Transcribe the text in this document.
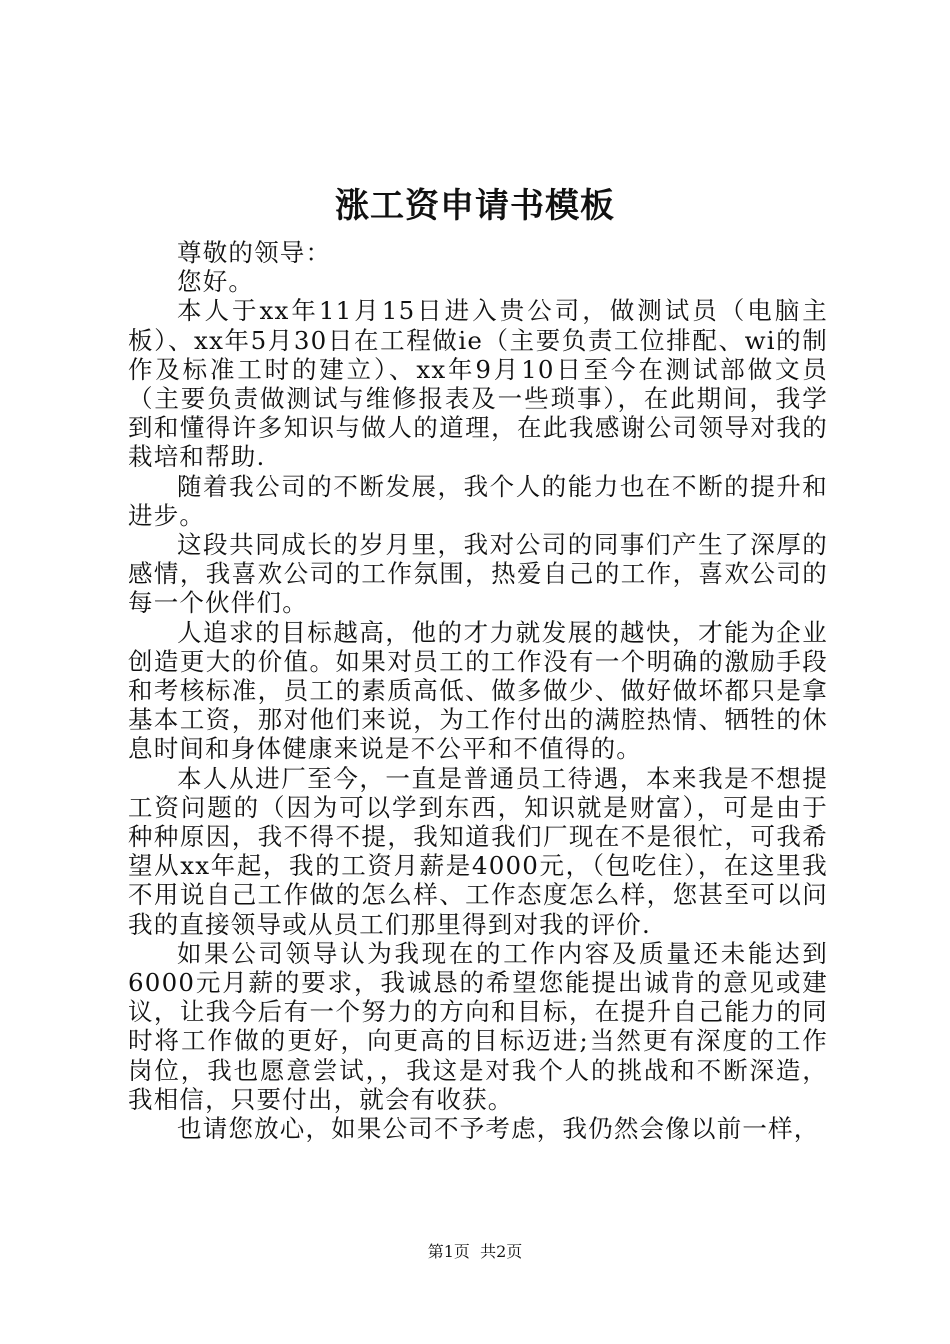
涨工资申请书模板

尊敬的领导：

您好。

本人于xx年11月15日进入贵公司，做测试员（电脑主板）、xx年5月30日在工程做ie（主要负责工位排配、wi的制作及标准工时的建立）、xx年9月10日至今在测试部做文员（主要负责做测试与维修报表及一些琐事），在此期间，我学到和懂得许多知识与做人的道理，在此我感谢公司领导对我的栽培和帮助.

随着我公司的不断发展，我个人的能力也在不断的提升和进步。

这段共同成长的岁月里，我对公司的同事们产生了深厚的感情，我喜欢公司的工作氛围，热爱自己的工作，喜欢公司的每一个伙伴们。

人追求的目标越高，他的才力就发展的越快，才能为企业创造更大的价值。如果对员工的工作没有一个明确的激励手段和考核标准，员工的素质高低、做多做少、做好做坏都只是拿基本工资，那对他们来说，为工作付出的满腔热情、牺牲的休息时间和身体健康来说是不公平和不值得的。

本人从进厂至今，一直是普通员工待遇，本来我是不想提工资问题的（因为可以学到东西，知识就是财富），可是由于种种原因，我不得不提，我知道我们厂现在不是很忙，可我希望从xx年起，我的工资月薪是4000元，（包吃住），在这里我不用说自己工作做的怎么样、工作态度怎么样，您甚至可以问我的直接领导或从员工们那里得到对我的评价.

如果公司领导认为我现在的工作内容及质量还未能达到6000元月薪的要求，我诚恳的希望您能提出诚肯的意见或建议，让我今后有一个努力的方向和目标，在提升自己能力的同时将工作做的更好，向更高的目标迈进;当然更有深度的工作岗位，我也愿意尝试，，我这是对我个人的挑战和不断深造，我相信，只要付出，就会有收获。

也请您放心，如果公司不予考虑，我仍然会像以前一样，

第1页  共2页
